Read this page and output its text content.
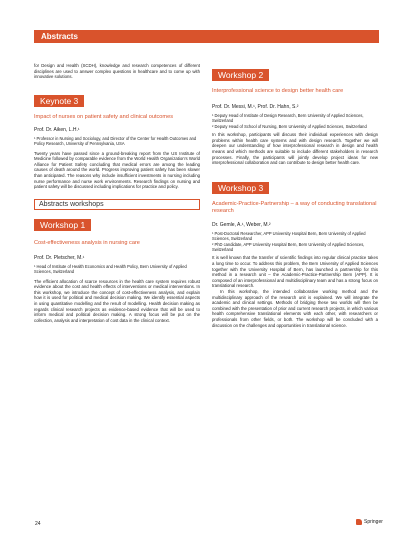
Abstracts

for Design and Health (SCDH), knowledge and research competences of different disciplines are used to answer complex questions in healthcare and to come up with innovative solutions.

Keynote 3

Impact of nurses on patient safety and clinical outcomes

Prof. Dr. Aiken, L.H.¹

¹ Professor in Nursing and Sociology, and Director of the Center for Health Outcomes and Policy Research, University of Pennsylvania, USA

Twenty years have passed since a ground-breaking report from the US Institute of Medicine followed by comparable evidence from the World Health Organization's World Alliance for Patient Safety concluding that medical errors are among the leading causes of death around the world. Progress improving patient safety has been slower than anticipated. The reasons why include insufficient investments in nursing including nurse performance and nurse work environments. Research findings on nursing and patient safety will be discussed including implications for practice and policy.

Abstracts workshops
Workshop 1

Cost-effectiveness analysis in nursing care

Prof. Dr. Pletscher, M.¹

¹ Head of Institute of Health Economics and Health Policy, Bern University of Applied Sciences, Switzerland

The efficient allocation of scarce resources in the health care system requires robust evidence about the cost and health effects of interventions or medical interventions. In this workshop, we introduce the concept of cost-effectiveness analysis, and explain how it is used for political and medical decision making. We identify essential aspects in using quantitative modelling and the result of modelling. Health decision making as regards clinical research projects as evidence-based evidence that will be used to inform medical and political decision making. A strong focus will be put on the collection, analysis and interpretation of cost data in the clinical context.

Workshop 2

Interprofessional science to design better health care

Prof. Dr. Messi, M.¹, Prof. Dr. Hahn, S.²

¹ Deputy Head of Institute of Design Research, Bern University of Applied Sciences, Switzerland
² Deputy Head of School of Nursing, Bern University of Applied Sciences, Switzerland

In this workshop, participants will discuss their individual experiences with design problems within health care systems and with design research. Together we will deepen our understanding of how interprofessional research in design and health means and which methods are suitable to include different stakeholders in research processes. Finally, the participants will jointly develop project ideas for new interprofessional collaboration and can contribute to design better health care.

Workshop 3

Academic-Practice-Partnership – a way of conducting translational research

Dr. Gemle, A.¹, Weber, M.²

¹ Post-Doctoral Researcher, APP University Hospital Bern, Bern University of Applied Sciences, Switzerland
² PhD candidate, APP University Hospital Bern, Bern University of Applied Sciences, Switzerland

It is well known that the transfer of scientific findings into regular clinical practice takes a long time to occur. To address this problem, the Bern University of Applied Sciences together with the University Hospital of Bern, has launched a partnership for this method in a research unit – the Academic-Practice-Partnership Bern (APP). It is composed of an interprofessional and multidisciplinary team and has a strong focus on translational research.

In this workshop, the intended collaborative working method and the multidisciplinary approach of the research unit is explained. We will integrate the academic and clinical settings. Methods of bridging these two worlds will then be combined with the presentation of prior and current research projects, in which various health comprehensive translational elements with each other, with researchers or professionals from other fields, or both. The workshop will be concluded with a discussion on the challenges and opportunities in translational science.

24	Springer
